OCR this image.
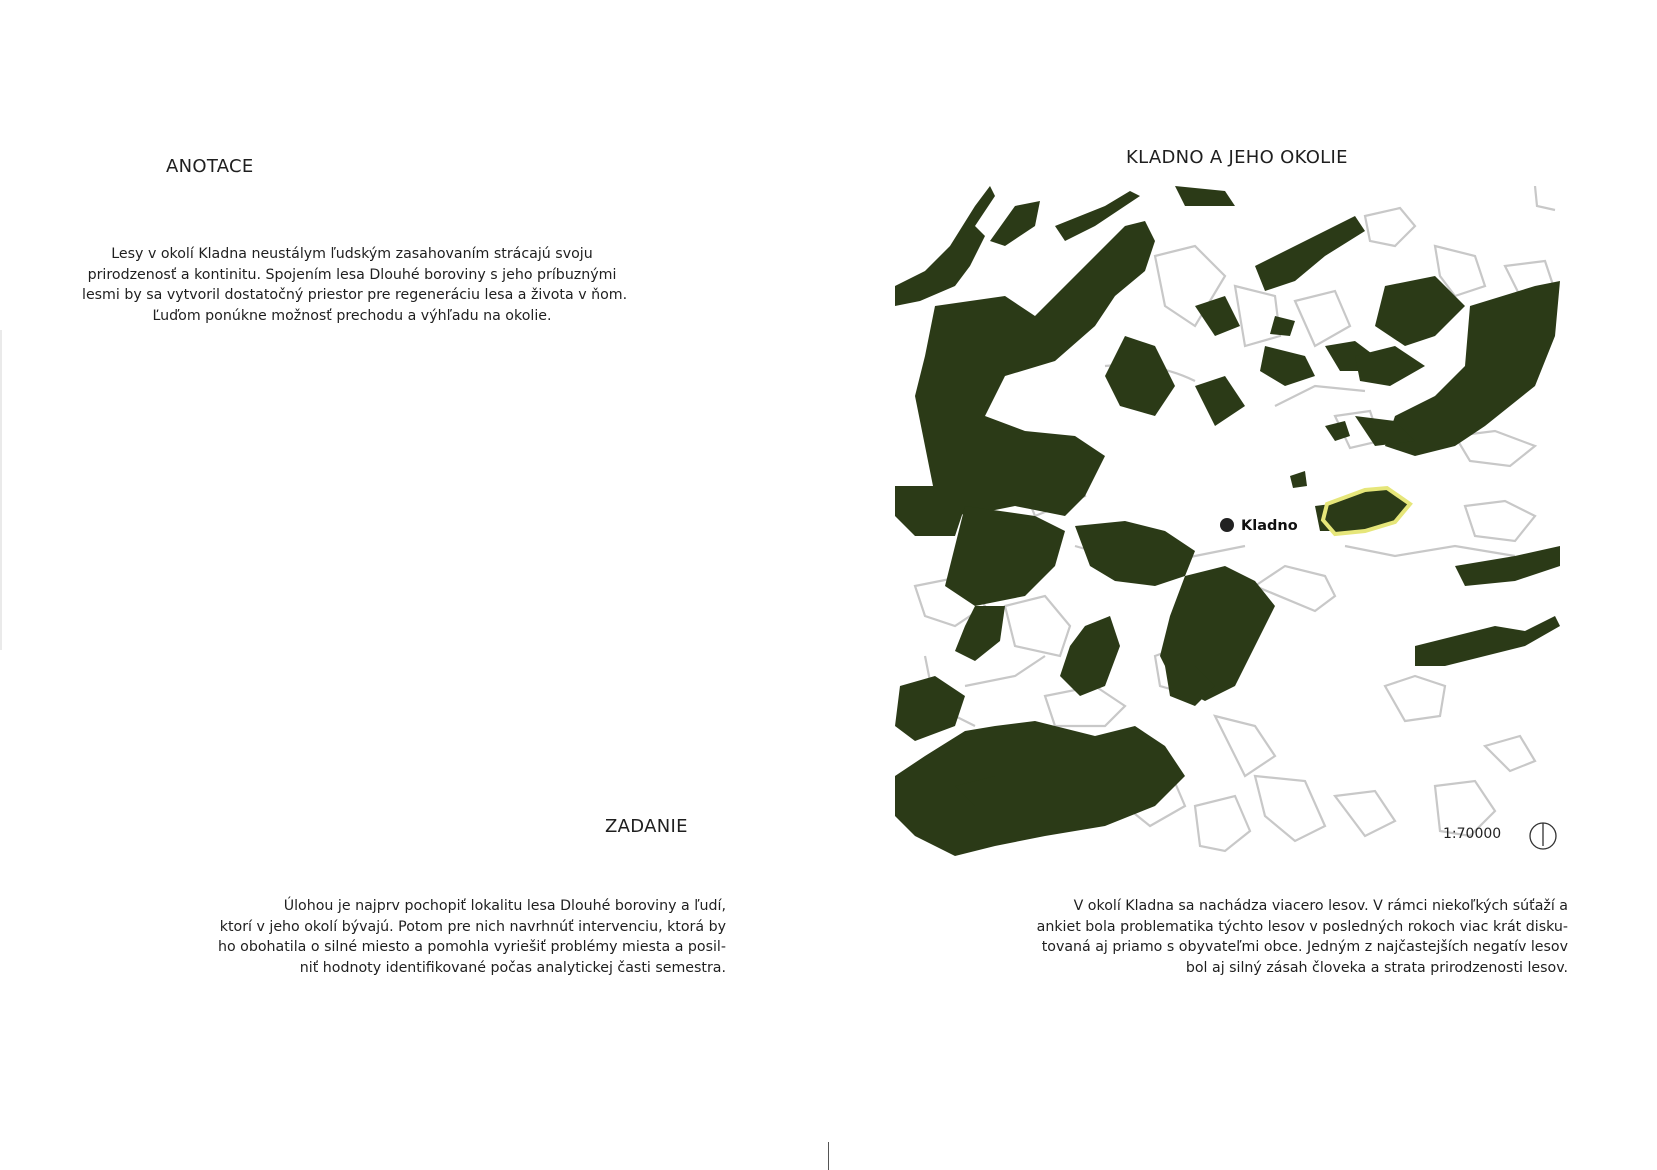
ANOTACE
Lesy v okolí Kladna neustálym ľudským zasahovaním strácajú svoju
prirodzenosť a kontinitu. Spojením lesa Dlouhé boroviny s jeho príbuznými
lesmi by sa vytvoril dostatočný priestor pre regeneráciu lesa a života v ňom.
Ľuďom ponúkne možnosť prechodu a výhľadu na okolie.
ZADANIE
Úlohou je najprv pochopiť lokalitu lesa Dlouhé boroviny a ľudí,
ktorí v jeho okolí bývajú. Potom pre nich navrhnúť intervenciu, ktorá by
ho obohatila o silné miesto a pomohla vyriešiť problémy miesta a posil-
niť hodnoty identifikované počas analytickej časti semestra.
KLADNO A JEHO OKOLIE
Kladno
1:70000
V okolí Kladna sa nachádza viacero lesov. V rámci niekoľkých súťaží a
ankiet bola problematika týchto lesov v posledných rokoch viac krát disku-
tovaná aj priamo s obyvateľmi obce. Jedným z najčastejších negatív lesov
bol aj silný zásah človeka a strata prirodzenosti lesov.
